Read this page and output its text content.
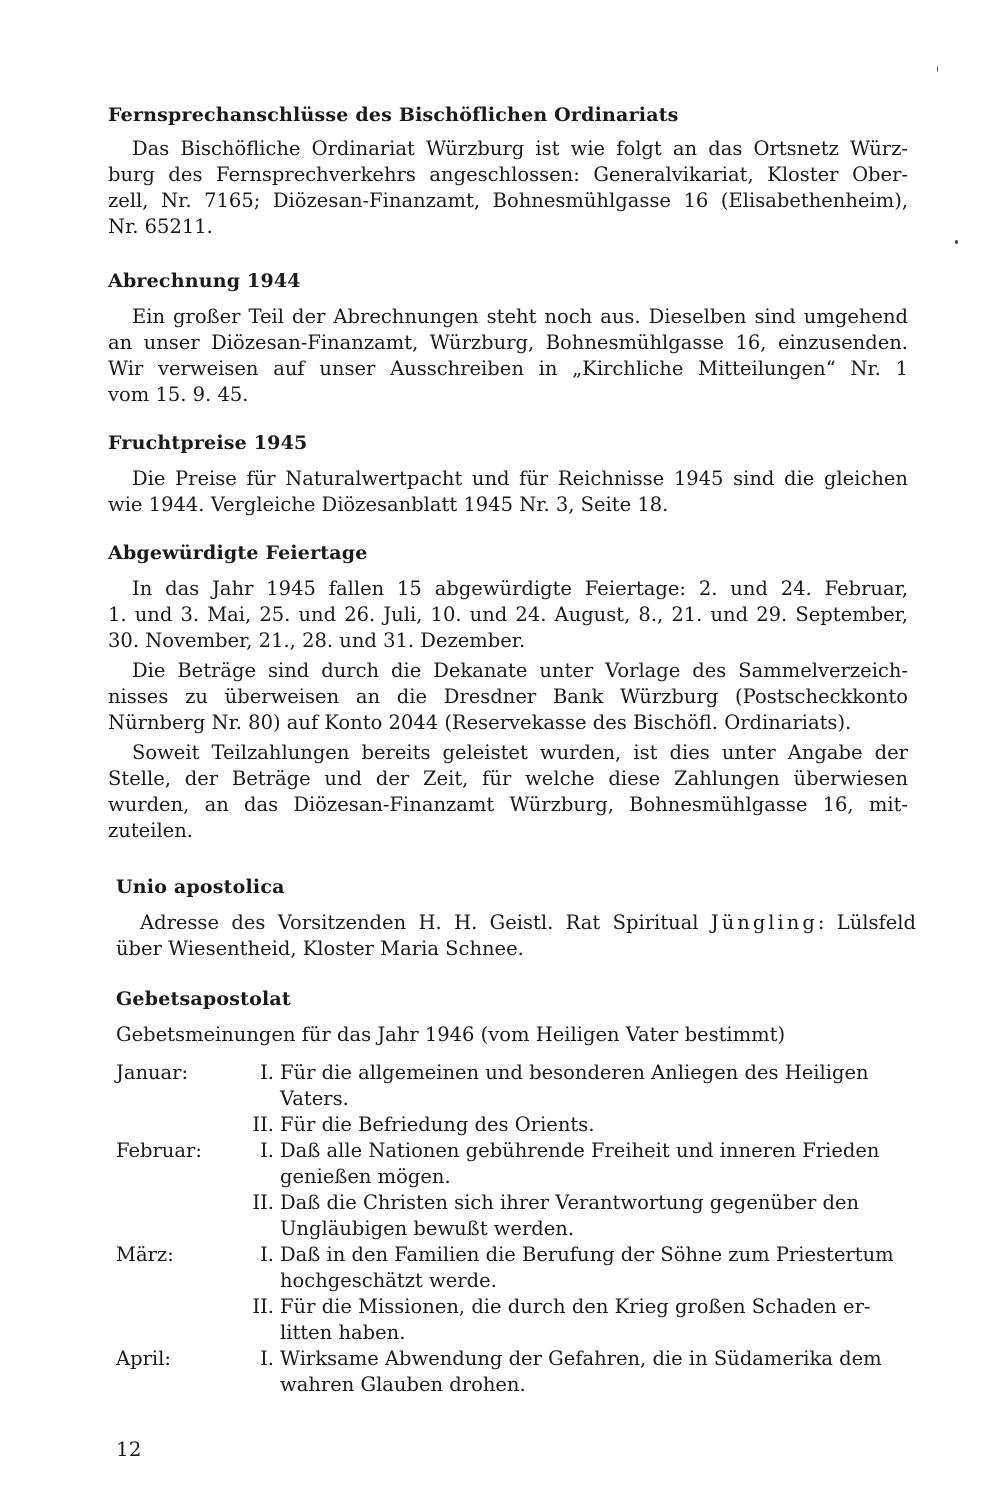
Fernsprechanschlüsse des Bischöflichen Ordinariats
Das Bischöfliche Ordinariat Würzburg ist wie folgt an das Ortsnetz Würz-
burg des Fernsprechverkehrs angeschlossen: Generalvikariat, Kloster Ober-
zell, Nr. 7165; Diözesan-Finanzamt, Bohnesmühlgasse 16 (Elisabethenheim),
Nr. 65211.
Abrechnung 1944
Ein großer Teil der Abrechnungen steht noch aus. Dieselben sind umgehend
an unser Diözesan-Finanzamt, Würzburg, Bohnesmühlgasse 16, einzusenden.
Wir verweisen auf unser Ausschreiben in „Kirchliche Mitteilungen“ Nr. 1
vom 15. 9. 45.
Fruchtpreise 1945
Die Preise für Naturalwertpacht und für Reichnisse 1945 sind die gleichen
wie 1944. Vergleiche Diözesanblatt 1945 Nr. 3, Seite 18.
Abgewürdigte Feiertage
In das Jahr 1945 fallen 15 abgewürdigte Feiertage: 2. und 24. Februar,
1. und 3. Mai, 25. und 26. Juli, 10. und 24. August, 8., 21. und 29. September,
30. November, 21., 28. und 31. Dezember.
Die Beträge sind durch die Dekanate unter Vorlage des Sammelverzeich-
nisses zu überweisen an die Dresdner Bank Würzburg (Postscheckkonto
Nürnberg Nr. 80) auf Konto 2044 (Reservekasse des Bischöfl. Ordinariats).
Soweit Teilzahlungen bereits geleistet wurden, ist dies unter Angabe der
Stelle, der Beträge und der Zeit, für welche diese Zahlungen überwiesen
wurden, an das Diözesan-Finanzamt Würzburg, Bohnesmühlgasse 16, mit-
zuteilen.
Unio apostolica
Adresse des Vorsitzenden H. H. Geistl. Rat Spiritual Jüngling: Lülsfeld
über Wiesentheid, Kloster Maria Schnee.
Gebetsapostolat
Gebetsmeinungen für das Jahr 1946 (vom Heiligen Vater bestimmt)
Januar:	I. Für die allgemeinen und besonderen Anliegen des Heiligen
Vaters.
II. Für die Befriedung des Orients.
Februar:	I. Daß alle Nationen gebührende Freiheit und inneren Frieden
genießen mögen.
II. Daß die Christen sich ihrer Verantwortung gegenüber den
Ungläubigen bewußt werden.
März:	I. Daß in den Familien die Berufung der Söhne zum Priestertum
hochgeschätzt werde.
II. Für die Missionen, die durch den Krieg großen Schaden er-
litten haben.
April:	I. Wirksame Abwendung der Gefahren, die in Südamerika dem
wahren Glauben drohen.
12
